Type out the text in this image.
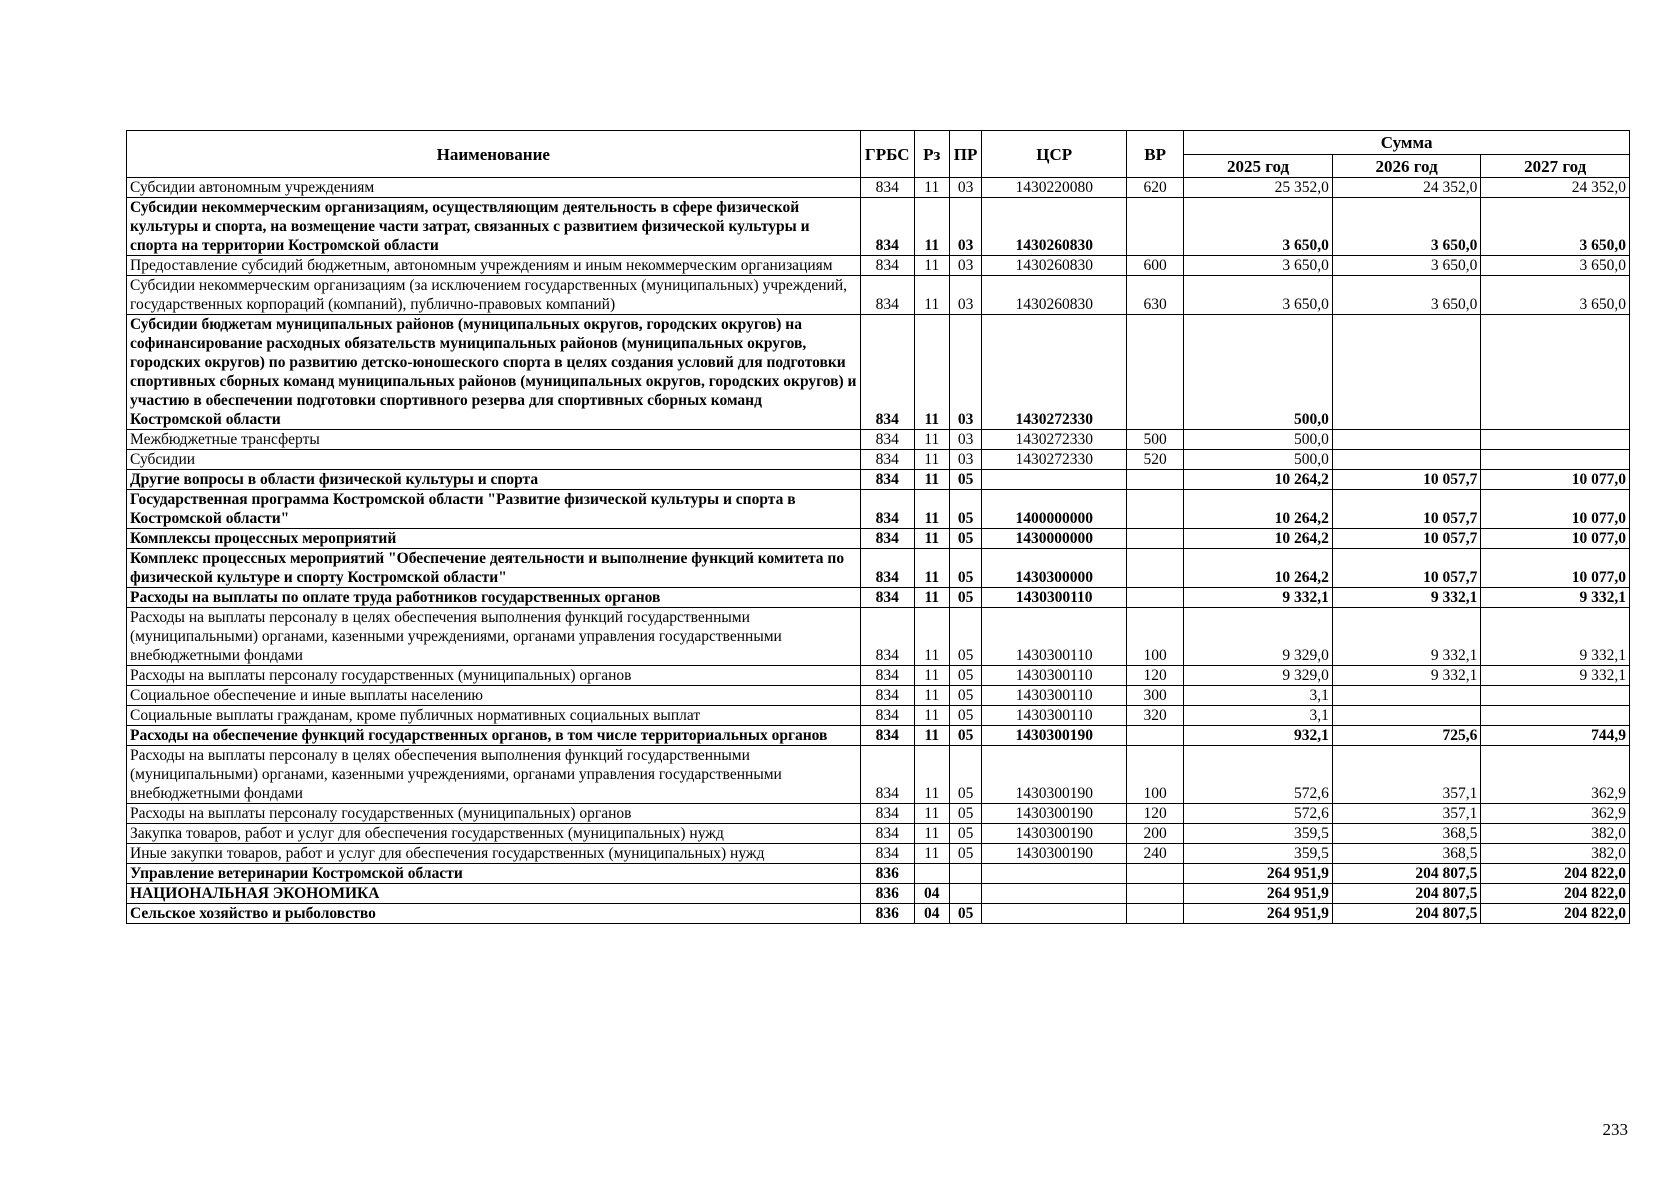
Наименование	ГРБС	Рз	ПР	ЦСР	ВР	Сумма		
						2025 год	2026 год	2027 год
Субсидии автономным учреждениям	834	11	03	1430220080	620	25 352,0	24 352,0	24 352,0
Субсидии некоммерческим организациям, осуществляющим деятельность в сфере физической культуры и спорта, на возмещение части затрат, связанных с развитием физической культуры и спорта на территории Костромской области	834	11	03	1430260830		3 650,0	3 650,0	3 650,0
Предоставление субсидий бюджетным, автономным учреждениям и иным некоммерческим организациям	834	11	03	1430260830	600	3 650,0	3 650,0	3 650,0
Субсидии некоммерческим организациям (за исключением государственных (муниципальных) учреждений, государственных корпораций (компаний), публично-правовых компаний)	834	11	03	1430260830	630	3 650,0	3 650,0	3 650,0
Субсидии бюджетам муниципальных районов (муниципальных округов, городских округов) на софинансирование расходных обязательств муниципальных районов (муниципальных округов, городских округов) по развитию детско-юношеского спорта в целях создания условий для подготовки спортивных сборных команд муниципальных районов (муниципальных округов, городских округов) и участию в обеспечении подготовки спортивного резерва для спортивных сборных команд Костромской области	834	11	03	1430272330		500,0		
Межбюджетные трансферты	834	11	03	1430272330	500	500,0		
Субсидии	834	11	03	1430272330	520	500,0		
Другие вопросы в области физической культуры и спорта	834	11	05			10 264,2	10 057,7	10 077,0
Государственная программа Костромской области "Развитие физической культуры и спорта в Костромской области"	834	11	05	1400000000		10 264,2	10 057,7	10 077,0
Комплексы процессных мероприятий	834	11	05	1430000000		10 264,2	10 057,7	10 077,0
Комплекс процессных мероприятий "Обеспечение деятельности и выполнение функций комитета по физической культуре и спорту Костромской области"	834	11	05	1430300000		10 264,2	10 057,7	10 077,0
Расходы на выплаты по оплате труда работников государственных органов	834	11	05	1430300110		9 332,1	9 332,1	9 332,1
Расходы на выплаты персоналу в целях обеспечения выполнения функций государственными (муниципальными) органами, казенными учреждениями, органами управления государственными внебюджетными фондами	834	11	05	1430300110	100	9 329,0	9 332,1	9 332,1
Расходы на выплаты персоналу государственных (муниципальных) органов	834	11	05	1430300110	120	9 329,0	9 332,1	9 332,1
Социальное обеспечение и иные выплаты населению	834	11	05	1430300110	300	3,1		
Социальные выплаты гражданам, кроме публичных нормативных социальных выплат	834	11	05	1430300110	320	3,1		
Расходы на обеспечение функций государственных органов, в том числе территориальных органов	834	11	05	1430300190		932,1	725,6	744,9
Расходы на выплаты персоналу в целях обеспечения выполнения функций государственными (муниципальными) органами, казенными учреждениями, органами управления государственными внебюджетными фондами	834	11	05	1430300190	100	572,6	357,1	362,9
Расходы на выплаты персоналу государственных (муниципальных) органов	834	11	05	1430300190	120	572,6	357,1	362,9
Закупка товаров, работ и услуг для обеспечения государственных (муниципальных) нужд	834	11	05	1430300190	200	359,5	368,5	382,0
Иные закупки товаров, работ и услуг для обеспечения государственных (муниципальных) нужд	834	11	05	1430300190	240	359,5	368,5	382,0
Управление ветеринарии Костромской области	836					264 951,9	204 807,5	204 822,0
НАЦИОНАЛЬНАЯ ЭКОНОМИКА	836	04				264 951,9	204 807,5	204 822,0
Сельское хозяйство и рыболовство	836	04	05			264 951,9	204 807,5	204 822,0
233
